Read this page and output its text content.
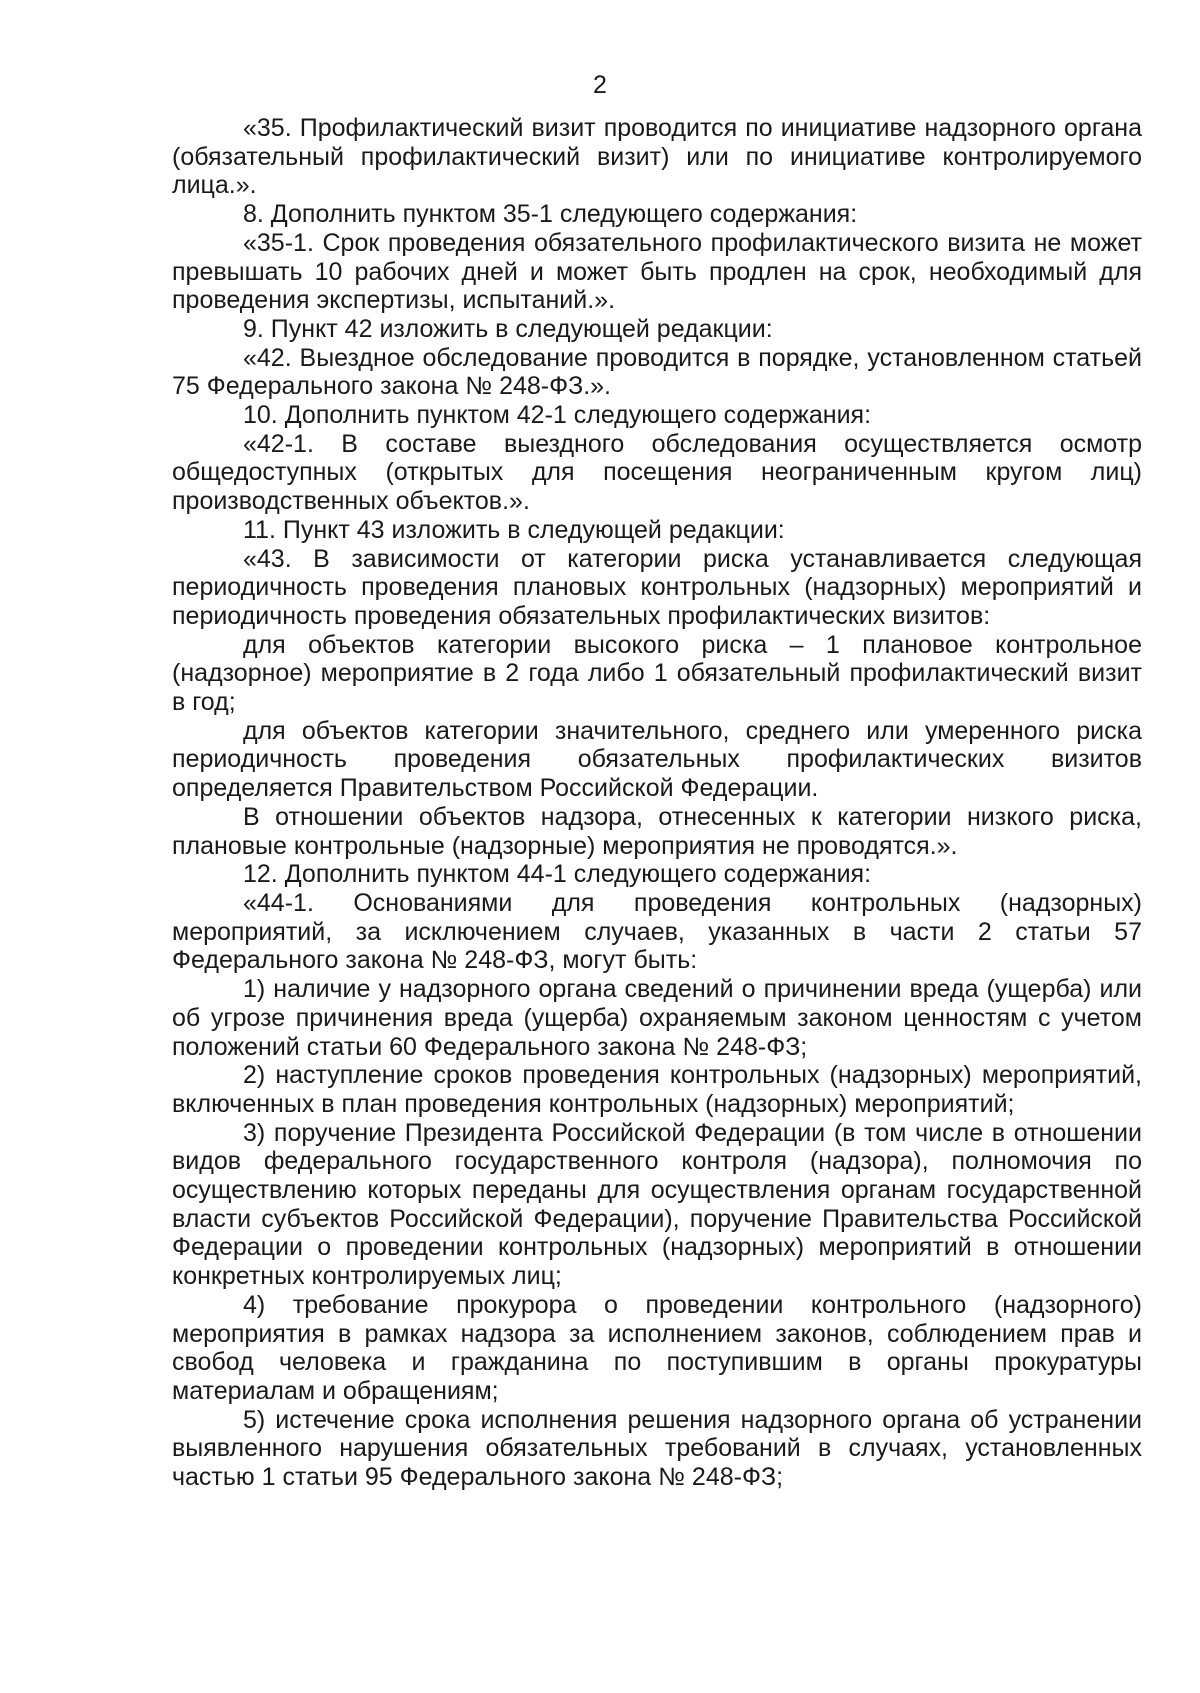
2

«35. Профилактический визит проводится по инициативе надзорного органа (обязательный профилактический визит) или по инициативе контролируемого лица.».

8. Дополнить пунктом 35-1 следующего содержания:

«35-1. Срок проведения обязательного профилактического визита не может превышать 10 рабочих дней и может быть продлен на срок, необходимый для проведения экспертизы, испытаний.».

9. Пункт 42 изложить в следующей редакции:

«42. Выездное обследование проводится в порядке, установленном статьей 75 Федерального закона № 248-ФЗ.».

10. Дополнить пунктом 42-1 следующего содержания:

«42-1. В составе выездного обследования осуществляется осмотр общедоступных (открытых для посещения неограниченным кругом лиц) производственных объектов.».

11. Пункт 43 изложить в следующей редакции:

«43. В зависимости от категории риска устанавливается следующая периодичность проведения плановых контрольных (надзорных) мероприятий и периодичность проведения обязательных профилактических визитов:

для объектов категории высокого риска – 1 плановое контрольное (надзорное) мероприятие в 2 года либо 1 обязательный профилактический визит в год;

для объектов категории значительного, среднего или умеренного риска периодичность проведения обязательных профилактических визитов определяется Правительством Российской Федерации.

В отношении объектов надзора, отнесенных к категории низкого риска, плановые контрольные (надзорные) мероприятия не проводятся.».

12. Дополнить пунктом 44-1 следующего содержания:

«44-1. Основаниями для проведения контрольных (надзорных) мероприятий, за исключением случаев, указанных в части 2 статьи 57 Федерального закона № 248-ФЗ, могут быть:

1) наличие у надзорного органа сведений о причинении вреда (ущерба) или об угрозе причинения вреда (ущерба) охраняемым законом ценностям с учетом положений статьи 60 Федерального закона № 248-ФЗ;

2) наступление сроков проведения контрольных (надзорных) мероприятий, включенных в план проведения контрольных (надзорных) мероприятий;

3) поручение Президента Российской Федерации (в том числе в отношении видов федерального государственного контроля (надзора), полномочия по осуществлению которых переданы для осуществления органам государственной власти субъектов Российской Федерации), поручение Правительства Российской Федерации о проведении контрольных (надзорных) мероприятий в отношении конкретных контролируемых лиц;

4) требование прокурора о проведении контрольного (надзорного) мероприятия в рамках надзора за исполнением законов, соблюдением прав и свобод человека и гражданина по поступившим в органы прокуратуры материалам и обращениям;

5) истечение срока исполнения решения надзорного органа об устранении выявленного нарушения обязательных требований в случаях, установленных частью 1 статьи 95 Федерального закона № 248-ФЗ;
